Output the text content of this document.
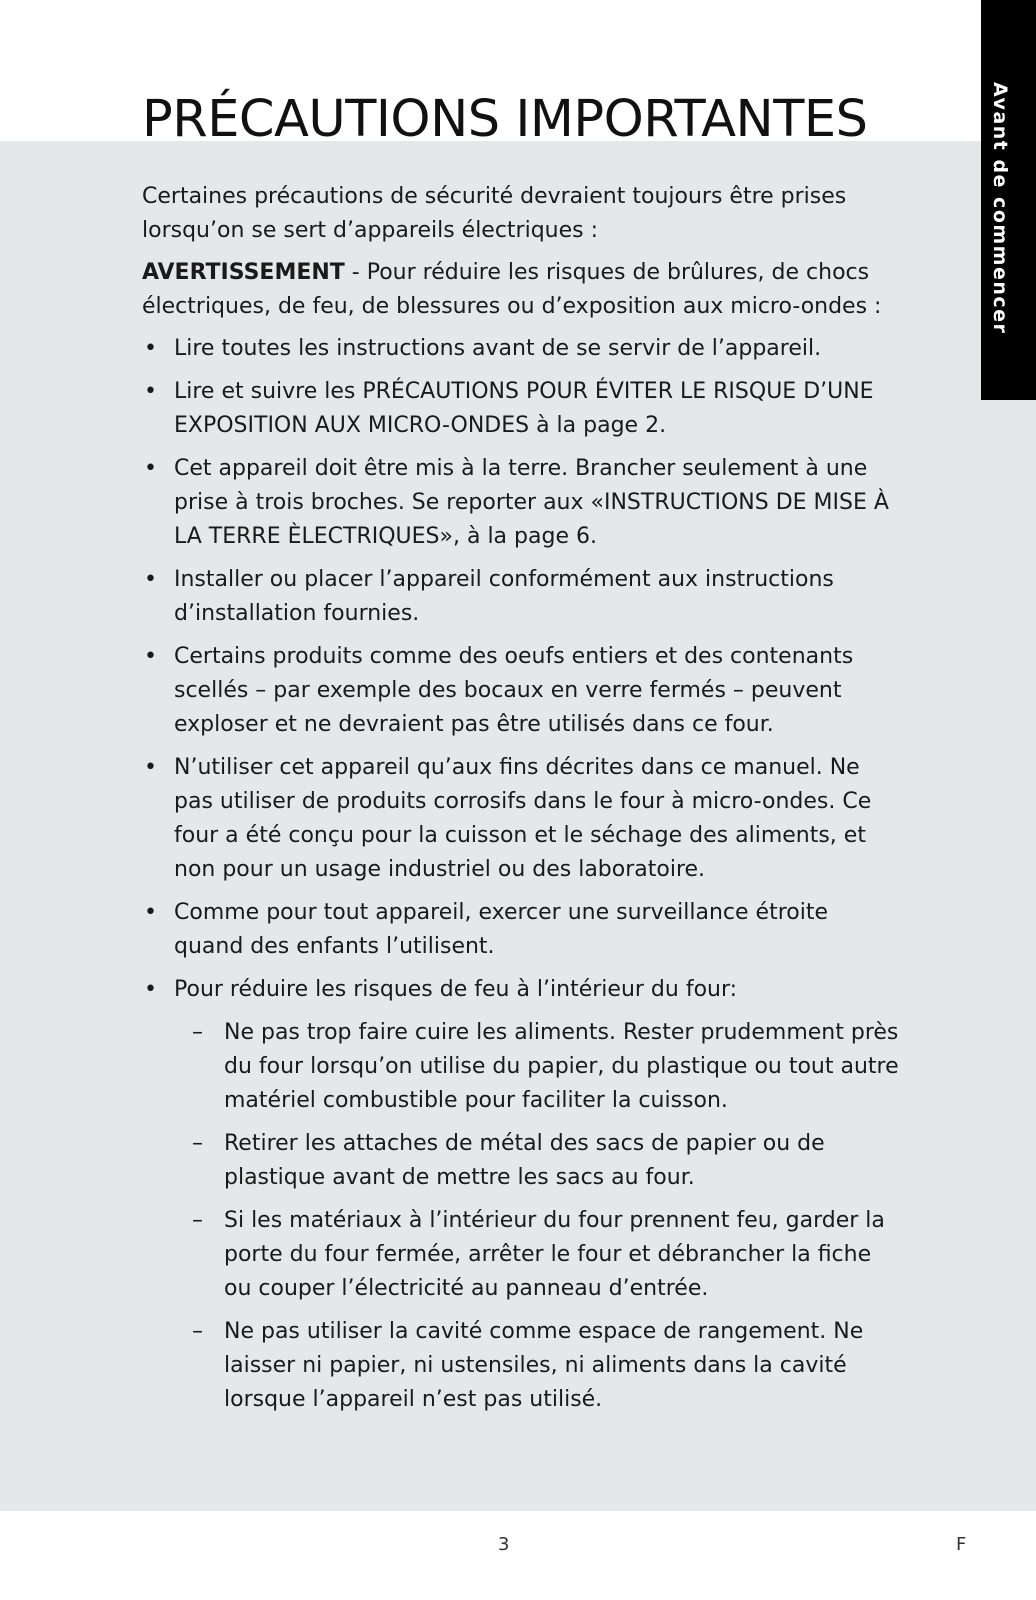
Avant de commencer
PRÉCAUTIONS IMPORTANTES

Certaines précautions de sécurité devraient toujours être prises lorsqu’on se sert d’appareils électriques :

AVERTISSEMENT - Pour réduire les risques de brûlures, de chocs électriques, de feu, de blessures ou d’exposition aux micro-ondes :

• Lire toutes les instructions avant de se servir de l’appareil.
• Lire et suivre les PRÉCAUTIONS POUR ÉVITER LE RISQUE D’UNE EXPOSITION AUX MICRO-ONDES à la page 2.
• Cet appareil doit être mis à la terre. Brancher seulement à une prise à trois broches. Se reporter aux «INSTRUCTIONS DE MISE À LA TERRE ÈLECTRIQUES», à la page 6.
• Installer ou placer l’appareil conformément aux instructions d’installation fournies.
• Certains produits comme des oeufs entiers et des contenants scellés – par exemple des bocaux en verre fermés – peuvent exploser et ne devraient pas être utilisés dans ce four.
• N’utiliser cet appareil qu’aux fins décrites dans ce manuel. Ne pas utiliser de produits corrosifs dans le four à micro-ondes. Ce four a été conçu pour la cuisson et le séchage des aliments, et non pour un usage industriel ou des laboratoire.
• Comme pour tout appareil, exercer une surveillance étroite quand des enfants l’utilisent.
• Pour réduire les risques de feu à l’intérieur du four:
– Ne pas trop faire cuire les aliments. Rester prudemment près du four lorsqu’on utilise du papier, du plastique ou tout autre matériel combustible pour faciliter la cuisson.
– Retirer les attaches de métal des sacs de papier ou de plastique avant de mettre les sacs au four.
– Si les matériaux à l’intérieur du four prennent feu, garder la porte du four fermée, arrêter le four et débrancher la fiche ou couper l’électricité au panneau d’entrée.
– Ne pas utiliser la cavité comme espace de rangement. Ne laisser ni papier, ni ustensiles, ni aliments dans la cavité lorsque l’appareil n’est pas utilisé.
3	F
